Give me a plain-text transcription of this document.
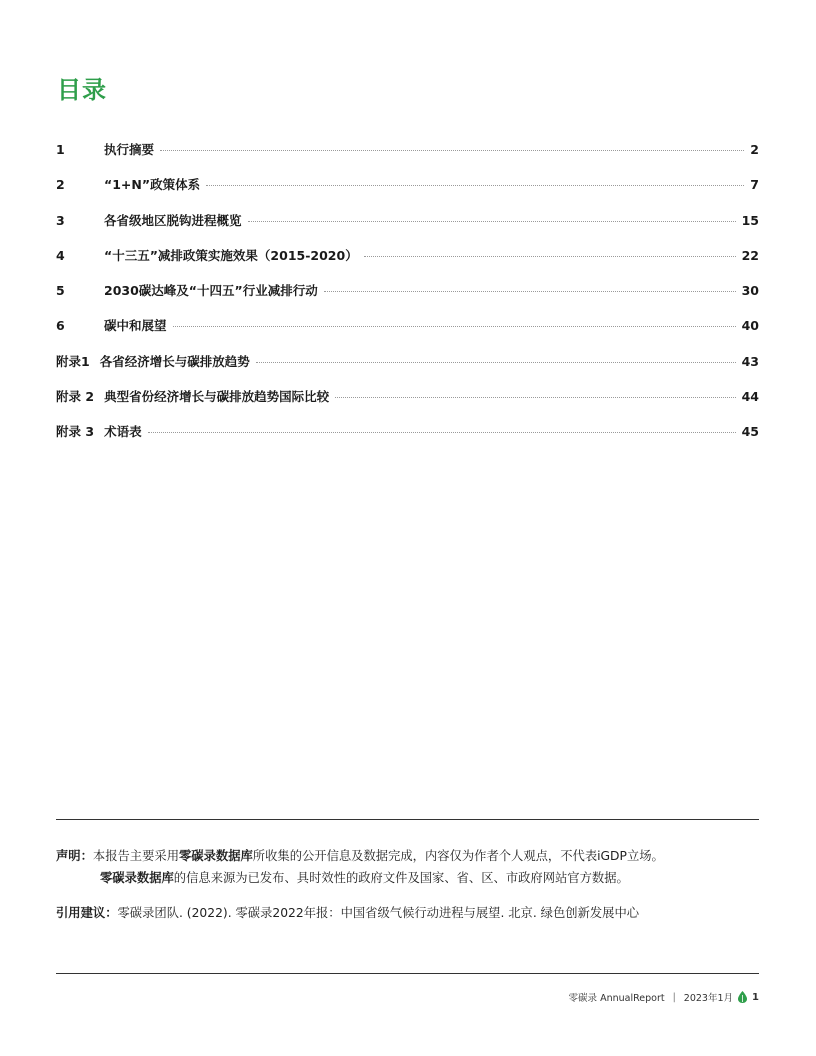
目录
1	执行摘要	2
2	“1+N”政策体系	7
3	各省级地区脱钩进程概览	15
4	“十三五”减排政策实施效果（2015-2020）	22
5	2030碳达峰及“十四五”行业减排行动	30
6	碳中和展望	40
附录1 各省经济增长与碳排放趋势	43
附录 2 典型省份经济增长与碳排放趋势国际比较	44
附录 3 术语表	45
声明：本报告主要采用零碳录数据库所收集的公开信息及数据完成，内容仅为作者个人观点，不代表iGDP立场。
零碳录数据库的信息来源为已发布、具时效性的政府文件及国家、省、区、市政府网站官方数据。
引用建议：零碳录团队. (2022). 零碳录2022年报：中国省级气候行动进程与展望. 北京. 绿色创新发展中心
零碳录 AnnualReport | 2023年1月 1
